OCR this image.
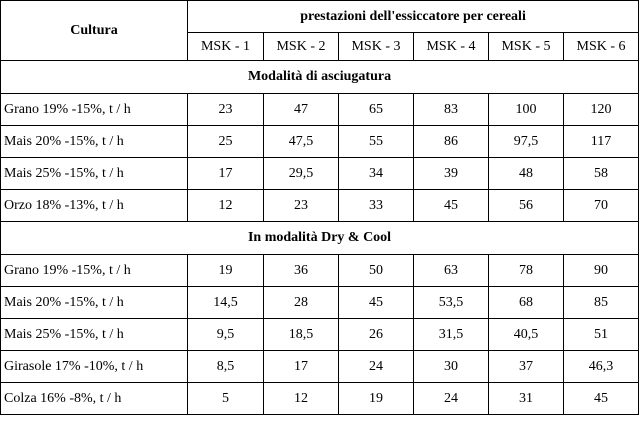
Cultura	prestazioni dell'essiccatore per cereali					
	MSK - 1	MSK - 2	MSK - 3	MSK - 4	MSK - 5	MSK - 6
Modalità di asciugatura						
Grano 19% -15%, t / h	23	47	65	83	100	120
Mais 20% -15%, t / h	25	47,5	55	86	97,5	117
Mais 25% -15%, t / h	17	29,5	34	39	48	58
Orzo 18% -13%, t / h	12	23	33	45	56	70
In modalità Dry & Cool						
Grano 19% -15%, t / h	19	36	50	63	78	90
Mais 20% -15%, t / h	14,5	28	45	53,5	68	85
Mais 25% -15%, t / h	9,5	18,5	26	31,5	40,5	51
Girasole 17% -10%, t / h	8,5	17	24	30	37	46,3
Colza 16% -8%, t / h	5	12	19	24	31	45
